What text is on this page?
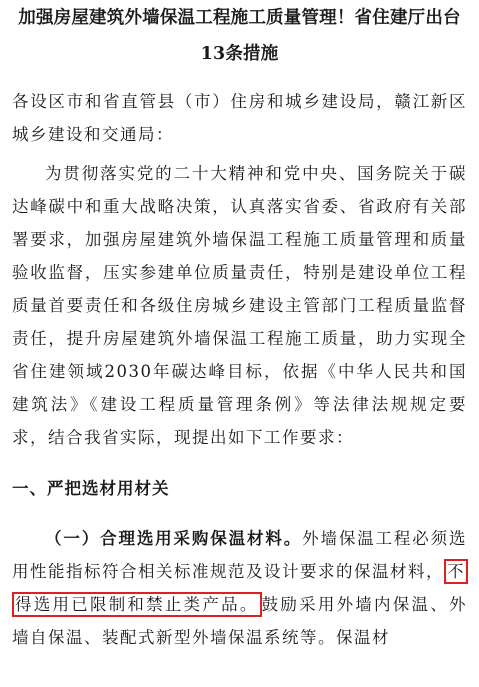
加强房屋建筑外墙保温工程施工质量管理！省住建厅出台
13条措施

各设区市和省直管县（市）住房和城乡建设局，赣江新区城乡建设和交通局：

为贯彻落实党的二十大精神和党中央、国务院关于碳达峰碳中和重大战略决策，认真落实省委、省政府有关部署要求，加强房屋建筑外墙保温工程施工质量管理和质量验收监督，压实参建单位质量责任，特别是建设单位工程质量首要责任和各级住房城乡建设主管部门工程质量监督责任，提升房屋建筑外墙保温工程施工质量，助力实现全省住建领域2030年碳达峰目标，依据《中华人民共和国建筑法》《建设工程质量管理条例》等法律法规规定要求，结合我省实际，现提出如下工作要求：

一、严把选材用材关

（一）合理选用采购保温材料。外墙保温工程必须选用性能指标符合相关标准规范及设计要求的保温材料， 不得选用已限制和禁止类产品。 鼓励采用外墙内保温、外墙自保温、装配式新型外墙保温系统等。保温材
